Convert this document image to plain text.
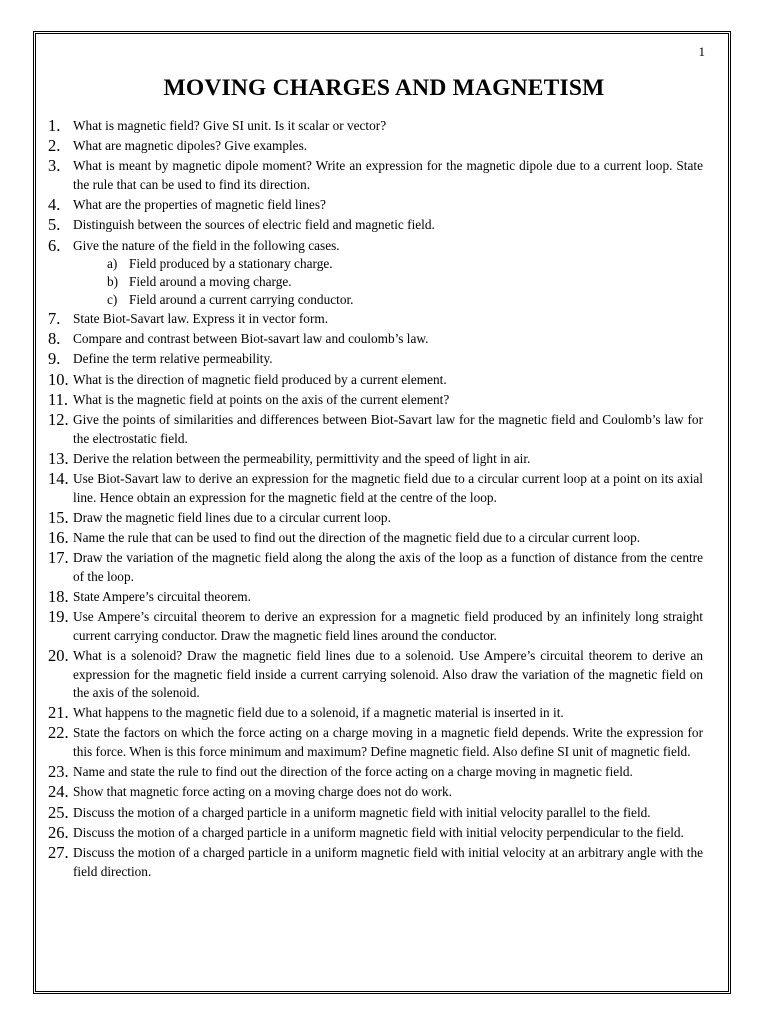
1
MOVING CHARGES AND MAGNETISM
1. What is magnetic field? Give SI unit. Is it scalar or vector?
2. What are magnetic dipoles? Give examples.
3. What is meant by magnetic dipole moment? Write an expression for the magnetic dipole due to a current loop. State the rule that can be used to find its direction.
4. What are the properties of magnetic field lines?
5. Distinguish between the sources of electric field and magnetic field.
6. Give the nature of the field in the following cases.
a) Field produced by a stationary charge.
b) Field around a moving charge.
c) Field around a current carrying conductor.
7. State Biot-Savart law. Express it in vector form.
8. Compare and contrast between Biot-savart law and coulomb’s law.
9. Define the term relative permeability.
10. What is the direction of magnetic field produced by a current element.
11. What is the magnetic field at points on the axis of the current element?
12. Give the points of similarities and differences between Biot-Savart law for the magnetic field and Coulomb’s law for the electrostatic field.
13. Derive the relation between the permeability, permittivity and the speed of light in air.
14. Use Biot-Savart law to derive an expression for the magnetic field due to a circular current loop at a point on its axial line. Hence obtain an expression for the magnetic field at the centre of the loop.
15. Draw the magnetic field lines due to a circular current loop.
16. Name the rule that can be used to find out the direction of the magnetic field due to a circular current loop.
17. Draw the variation of the magnetic field along the along the axis of the loop as a function of distance from the centre of the loop.
18. State Ampere’s circuital theorem.
19. Use Ampere’s circuital theorem to derive an expression for a magnetic field produced by an infinitely long straight current carrying conductor. Draw the magnetic field lines around the conductor.
20. What is a solenoid? Draw the magnetic field lines due to a solenoid. Use Ampere’s circuital theorem to derive an expression for the magnetic field inside a current carrying solenoid. Also draw the variation of the magnetic field on the axis of the solenoid.
21. What happens to the magnetic field due to a solenoid, if a magnetic material is inserted in it.
22. State the factors on which the force acting on a charge moving in a magnetic field depends. Write the expression for this force. When is this force minimum and maximum? Define magnetic field. Also define SI unit of magnetic field.
23. Name and state the rule to find out the direction of the force acting on a charge moving in magnetic field.
24. Show that magnetic force acting on a moving charge does not do work.
25. Discuss the motion of a charged particle in a uniform magnetic field with initial velocity parallel to the field.
26. Discuss the motion of a charged particle in a uniform magnetic field with initial velocity perpendicular to the field.
27. Discuss the motion of a charged particle in a uniform magnetic field with initial velocity at an arbitrary angle with the field direction.
